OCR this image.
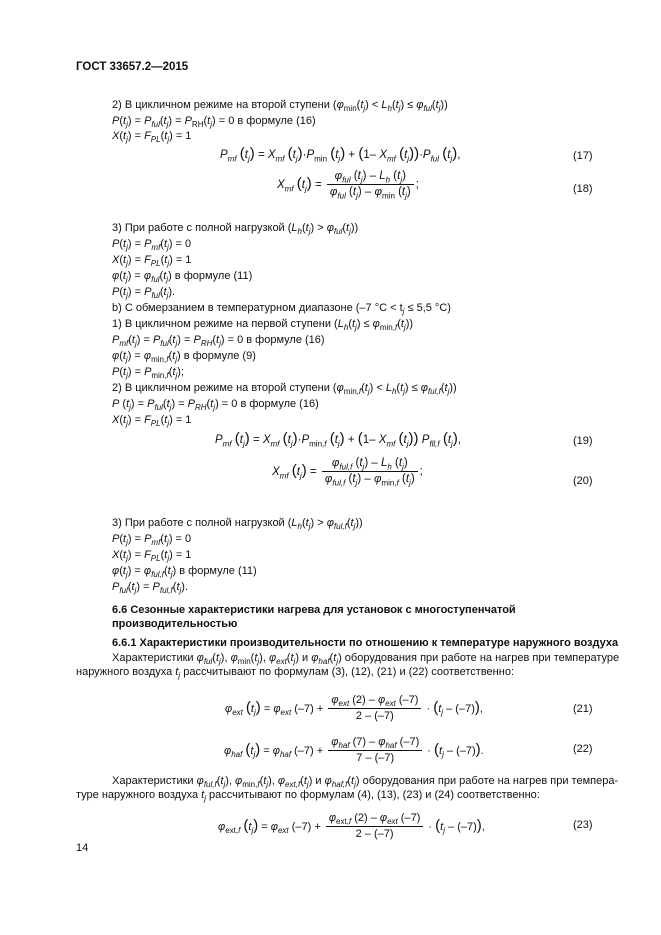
ГОСТ 33657.2—2015
2) В цикличном режиме на второй ступени $(\varphi_{min}(t_j) < L_h(t_j) \le \varphi_{ful}(t_j))$
$P(t_j) = P_{ful}(t_j) = P_{RH}(t_j) = 0$ в формуле (16)
$X(t_j) = F_{PL}(t_j) = 1$
$P_{mf}$ $(t_j) = X_{mf}$ $(t_j)\cdot P_{min}$ $(t_j) + (1-$ $X_{mf}$ $(t_j))\cdot P_{ful}$ $(t_j)$,	(17)
$X_{mf}$ $(t_j) = \frac{\varphi_{ful} (t_j) - L_h (t_j)}{\varphi_{ful} (t_j) - \varphi_{min} (t_j)}$ ;	(18)
3) При работе с полной нагрузкой $(L_h(t_j) > \varphi_{ful}(t_j))$
$P(t_j) = P_{mf}(t_j) = 0$
$X(t_j) = F_{PL}(t_j) = 1$
$\varphi(t_j) = \varphi_{ful}(t_j)$ в формуле (11)
$P(t_j) = P_{ful}(t_j)$.
b) С обмерзанием в температурном диапазоне (–7 $^\circ С < t_j \le 5,5$ °С)
1) В цикличном режиме на первой ступени $(L_h(t_j) \le \varphi_{min,f}(t_j))$
$P_{mf}(t_j) = P_{ful}(t_j) = P_{RH}(t_j) = 0$ в формуле (16)
$\varphi(t_j) = \varphi_{min,f}(t_j)$ в формуле (9)
$P(t_j) = P_{min,f}(t_j)$;
2) В цикличном режиме на второй ступени $(\varphi_{min,f}(t_j) < L_h(t_j) \le \varphi_{ful,f}(t_j))$
P $(t_j) = P_{ful}(t_j) = P_{RH}(t_j) = 0$ в формуле (16)
$X(t_j) = F_{PL}(t_j) = 1$
$P_{mf}$ $(t_j) = X_{mf}$ $(t_j)\cdot P_{min,f}$ $(t_j) + (1-$ $X_{mf}$ $(t_j)$) $P_{fll,f}$ $(t_j)$,	(19)
$X_{mf}$ $(t_j) = \frac{\varphi_{ful,f} (t_j) - L_h (t_j)}{\varphi_{ful,f} (t_j) - \varphi_{min,f} (t_j)}$ ;
(20)
3) При работе с полной нагрузкой $(L_h(t_j) > \varphi_{ful,f}(t_j))$
$P(t_j) = P_{mf}(t_j) = 0$
$X(t_j) = F_{PL}(t_j) = 1$
$\varphi(t_j) = \varphi_{ful,f}(t_j)$ в формуле (11)
$P_{ful}(t_j) = P_{ful,f}(t_j)$.
6.6 Сезонные характеристики нагрева для установок с многоступенчатой
производительностью
6.6.1 Характеристики производительности по отношению к температуре наружного воздуха
Характеристики $\varphi_{ful}(t_j)$, $\varphi_{min}(t_j)$, $\varphi_{ext}(t_j)$ и $\varphi_{haf}(t_j)$ оборудования при работе на нагрев при температуре
наружного воздуха $t_j$ рассчитывают по формулам (3), (12), (21) и (22) соответственно:
$\varphi_{ext}$ $(t_j) = \varphi_{ext}$ $(-7) + \frac{\varphi_{ext} (2) - \varphi_{ext} (-7)}{2 - (-7)} \cdot (t_j - (-7))$,	(21)
$\varphi_{haf}$ $(t_j) = \varphi_{haf}$ $(-7) + \frac{\varphi_{haf} (7) - \varphi_{haf} (-7)}{7 - (-7)} \cdot (t_j - (-7))$.	(22)
Характеристики $\varphi_{ful,f}(t_j)$, $\varphi_{min,f}(t_j)$, $\varphi_{ext,f}(t_j)$ и $\varphi_{haf,f}(t_j)$ оборудования при работе на нагрев при темпера-
туре наружного воздуха $t_j$ рассчитывают по формулам (4), (13), (23) и (24) соответственно:
$\varphi_{ext,f}$ $(t_j) = \varphi_{ext}$ $(-7) + \frac{\varphi_{ext,f} (2) - \varphi_{ext} (-7)}{2 - (-7)} \cdot (t_j - (-7))$,	(23)
14
